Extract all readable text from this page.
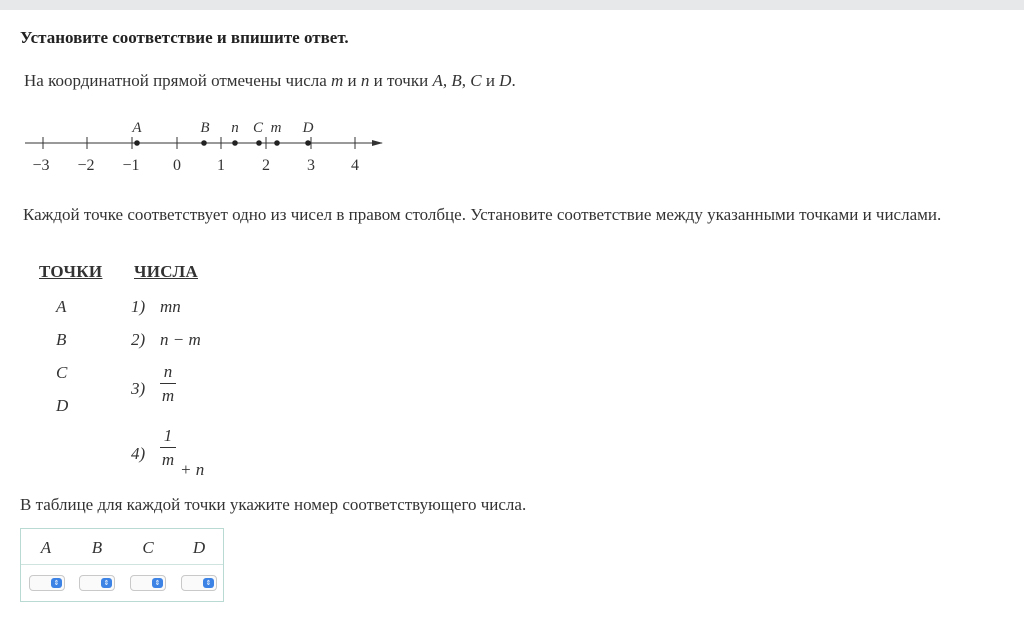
Установите соответствие и впишите ответ.
На координатной прямой отмечены числа m и n и точки A, B, C и D.
A	B n C m D
−3 −2 −1 0 1 2 3 4
Каждой точке соответствует одно из чисел в правом столбце. Установите соответствие между указанными точками и числами.
ТОЧКИ ЧИСЛА
A
B
C
D
1) mn
2) n − m
3)
n
m
4)
1
m
+ n
В таблице для каждой точки укажите номер соответствующего числа.
A	B	C	D
⇕	⇕	⇕	⇕
